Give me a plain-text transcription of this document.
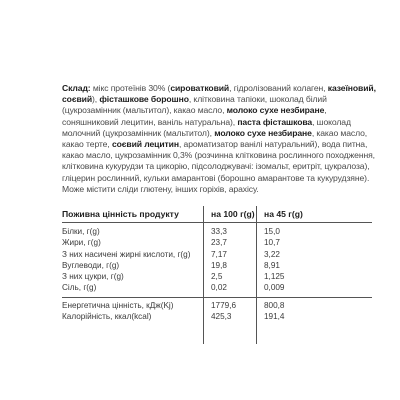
Склад: мікс протеїнів 30% (сироватковий, гідролізований колаген, казеїновий, соєвий), фісташкове борошно, клітковина тапіоки, шоколад білий (цукрозамінник (мальтитол), какао масло, молоко сухе незбиране, соняшниковий лецитин, ваніль натуральна), паста фісташкова, шоколад молочний (цукрозамінник (мальтитол), молоко сухе незбиране, какао масло, какао терте, соєвий лецитин, ароматизатор ванілі натуральний), вода питна, какао масло, цукрозамінник 0,3% (розчинна клітковина рослинного походження, клітковина кукурудзи та цикорію, підсолоджувачі: ізомальт, еритріт, цукралоза), гліцерин рослинний, кульки амарантові (борошно амарантове та кукурудзяне). Може містити сліди глютену, інших горіхів, арахісу.
Поживна цінність продукту	на 100 г(g)	на 45 г(g)
Білки, г(g)	33,3	15,0
Жири, г(g)	23,7	10,7
З них насичені жирні кислоти, г(g)	7,17	3,22
Вуглеводи, г(g)	19,8	8,91
З них цукри, г(g)	2,5	1,125
Сіль, г(g)	0,02	0,009
Енергетична цінність, кДж(Kj)	1779,6	800,8
Калорійність, ккал(kcal)	425,3	191,4
